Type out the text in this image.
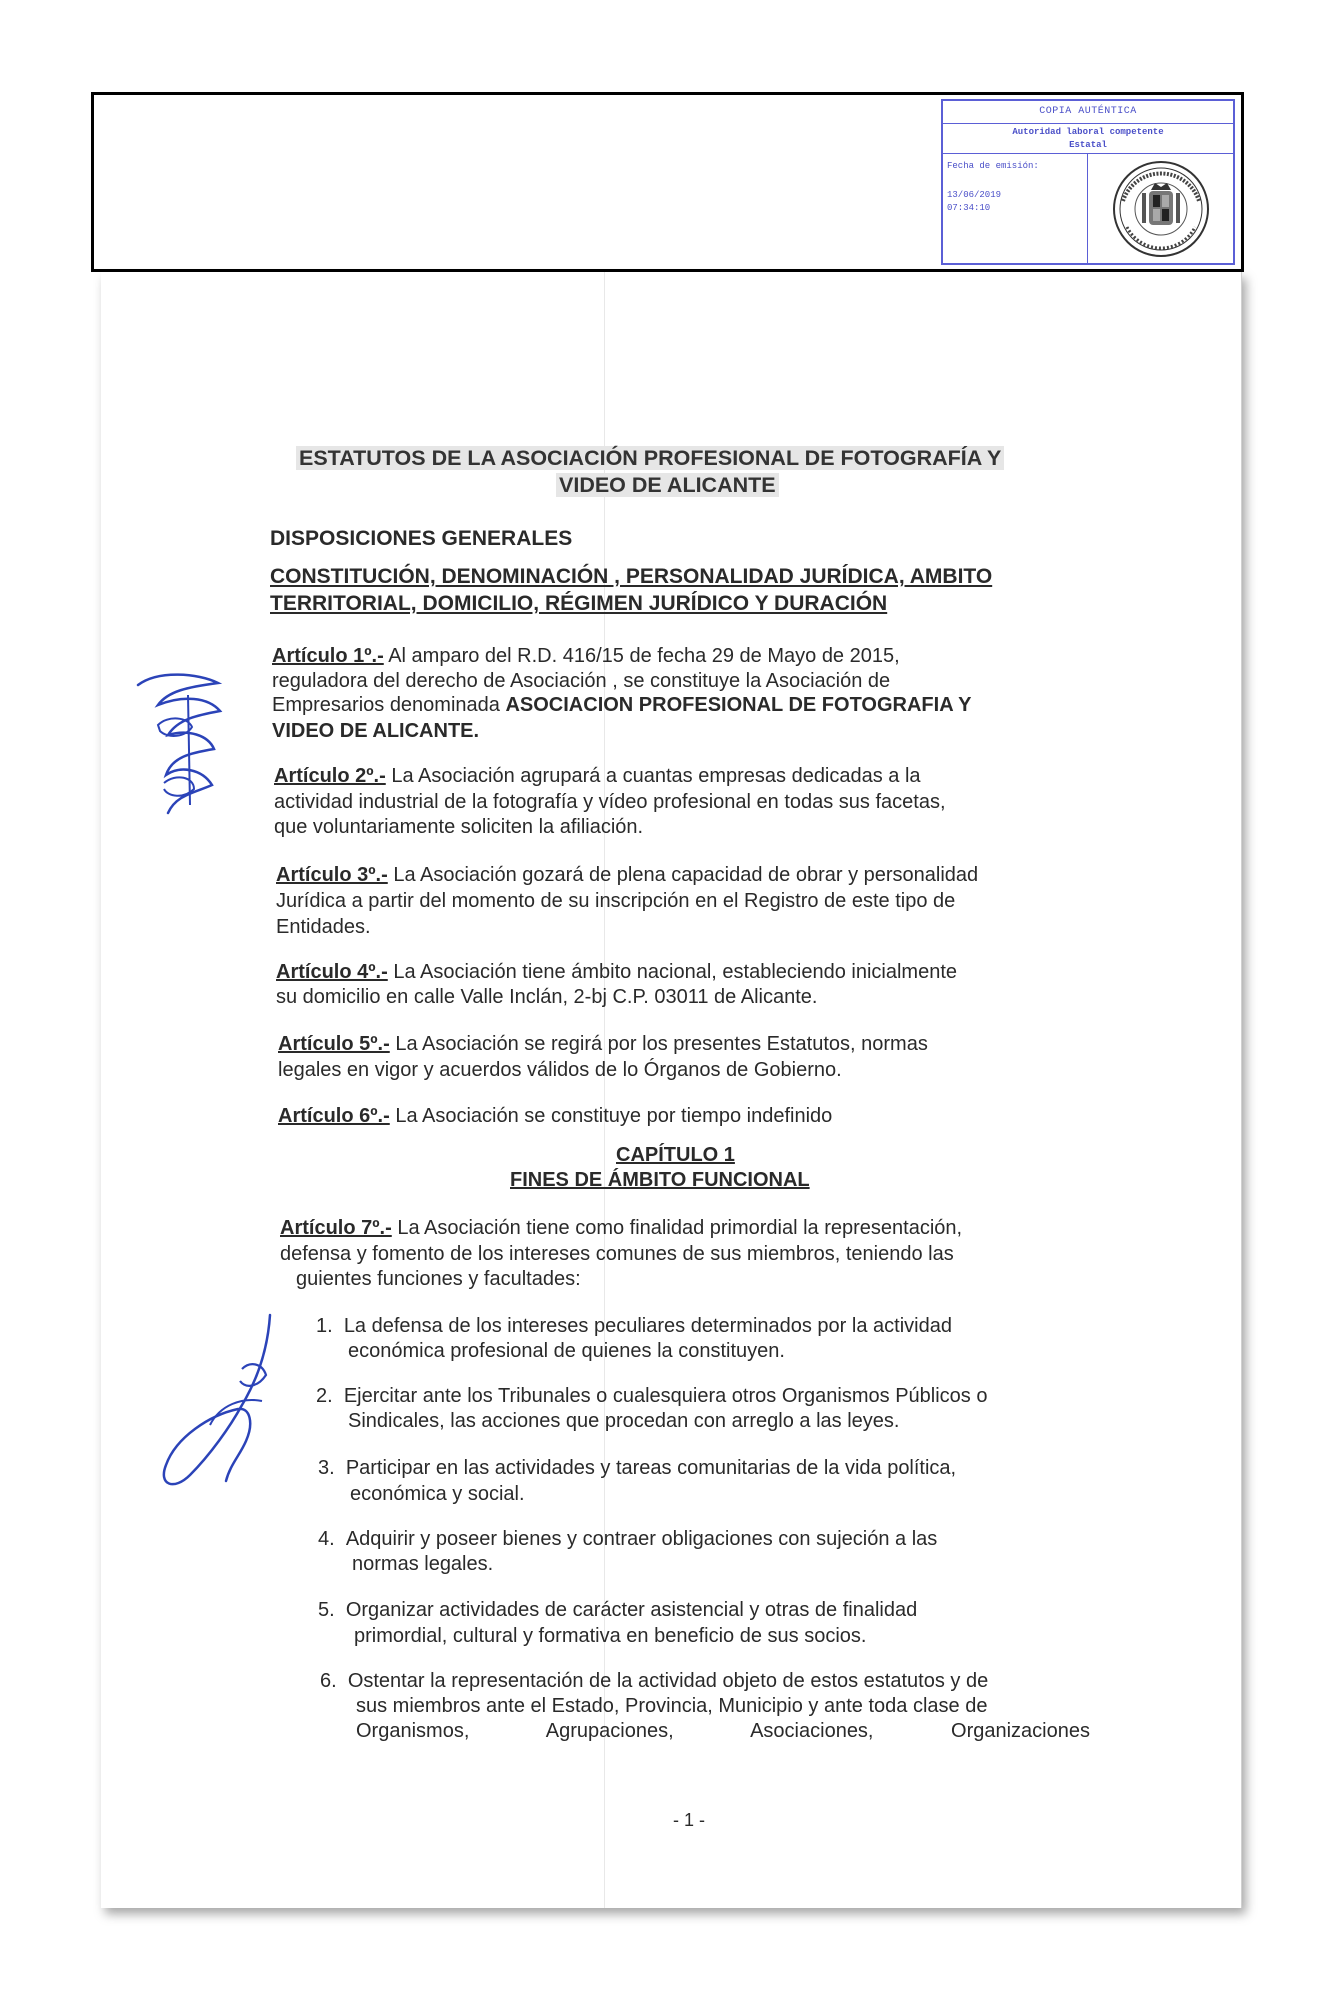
COPIA AUTÉNTICA
Autoridad laboral competente
Estatal
Fecha de emisión:
13/06/2019
07:34:10
ESTATUTOS DE LA ASOCIACIÓN PROFESIONAL DE FOTOGRAFÍA Y
VIDEO DE ALICANTE
DISPOSICIONES GENERALES
CONSTITUCIÓN, DENOMINACIÓN , PERSONALIDAD JURÍDICA, AMBITO
TERRITORIAL, DOMICILIO, RÉGIMEN JURÍDICO Y DURACIÓN
Artículo 1º.- Al amparo del R.D. 416/15 de fecha 29 de Mayo de 2015,
reguladora del derecho de Asociación , se constituye la Asociación de
Empresarios denominada ASOCIACION PROFESIONAL DE FOTOGRAFIA Y
VIDEO DE ALICANTE.
Artículo 2º.- La Asociación agrupará a cuantas empresas dedicadas a la
actividad industrial de la fotografía y vídeo profesional en todas sus facetas,
que voluntariamente soliciten la afiliación.
Artículo 3º.- La Asociación gozará de plena capacidad de obrar y personalidad
Jurídica a partir del momento de su inscripción en el Registro de este tipo de
Entidades.
Artículo 4º.- La Asociación tiene ámbito nacional, estableciendo inicialmente
su domicilio en calle Valle Inclán, 2-bj C.P. 03011 de Alicante.
Artículo 5º.- La Asociación se regirá por los presentes Estatutos, normas
legales en vigor y acuerdos válidos de lo Órganos de Gobierno.
Artículo 6º.- La Asociación se constituye por tiempo indefinido
CAPÍTULO 1
FINES DE ÁMBITO FUNCIONAL
Artículo 7º.- La Asociación tiene como finalidad primordial la representación,
defensa y fomento de los intereses comunes de sus miembros, teniendo las
guientes funciones y facultades:
1. La defensa de los intereses peculiares determinados por la actividad
económica profesional de quienes la constituyen.
2. Ejercitar ante los Tribunales o cualesquiera otros Organismos Públicos o
Sindicales, las acciones que procedan con arreglo a las leyes.
3. Participar en las actividades y tareas comunitarias de la vida política,
económica y social.
4. Adquirir y poseer bienes y contraer obligaciones con sujeción a las
normas legales.
5. Organizar actividades de carácter asistencial y otras de finalidad
primordial, cultural y formativa en beneficio de sus socios.
6. Ostentar la representación de la actividad objeto de estos estatutos y de
sus miembros ante el Estado, Provincia, Municipio y ante toda clase de
Organismos, Agrupaciones, Asociaciones, Organizaciones
- 1 -
